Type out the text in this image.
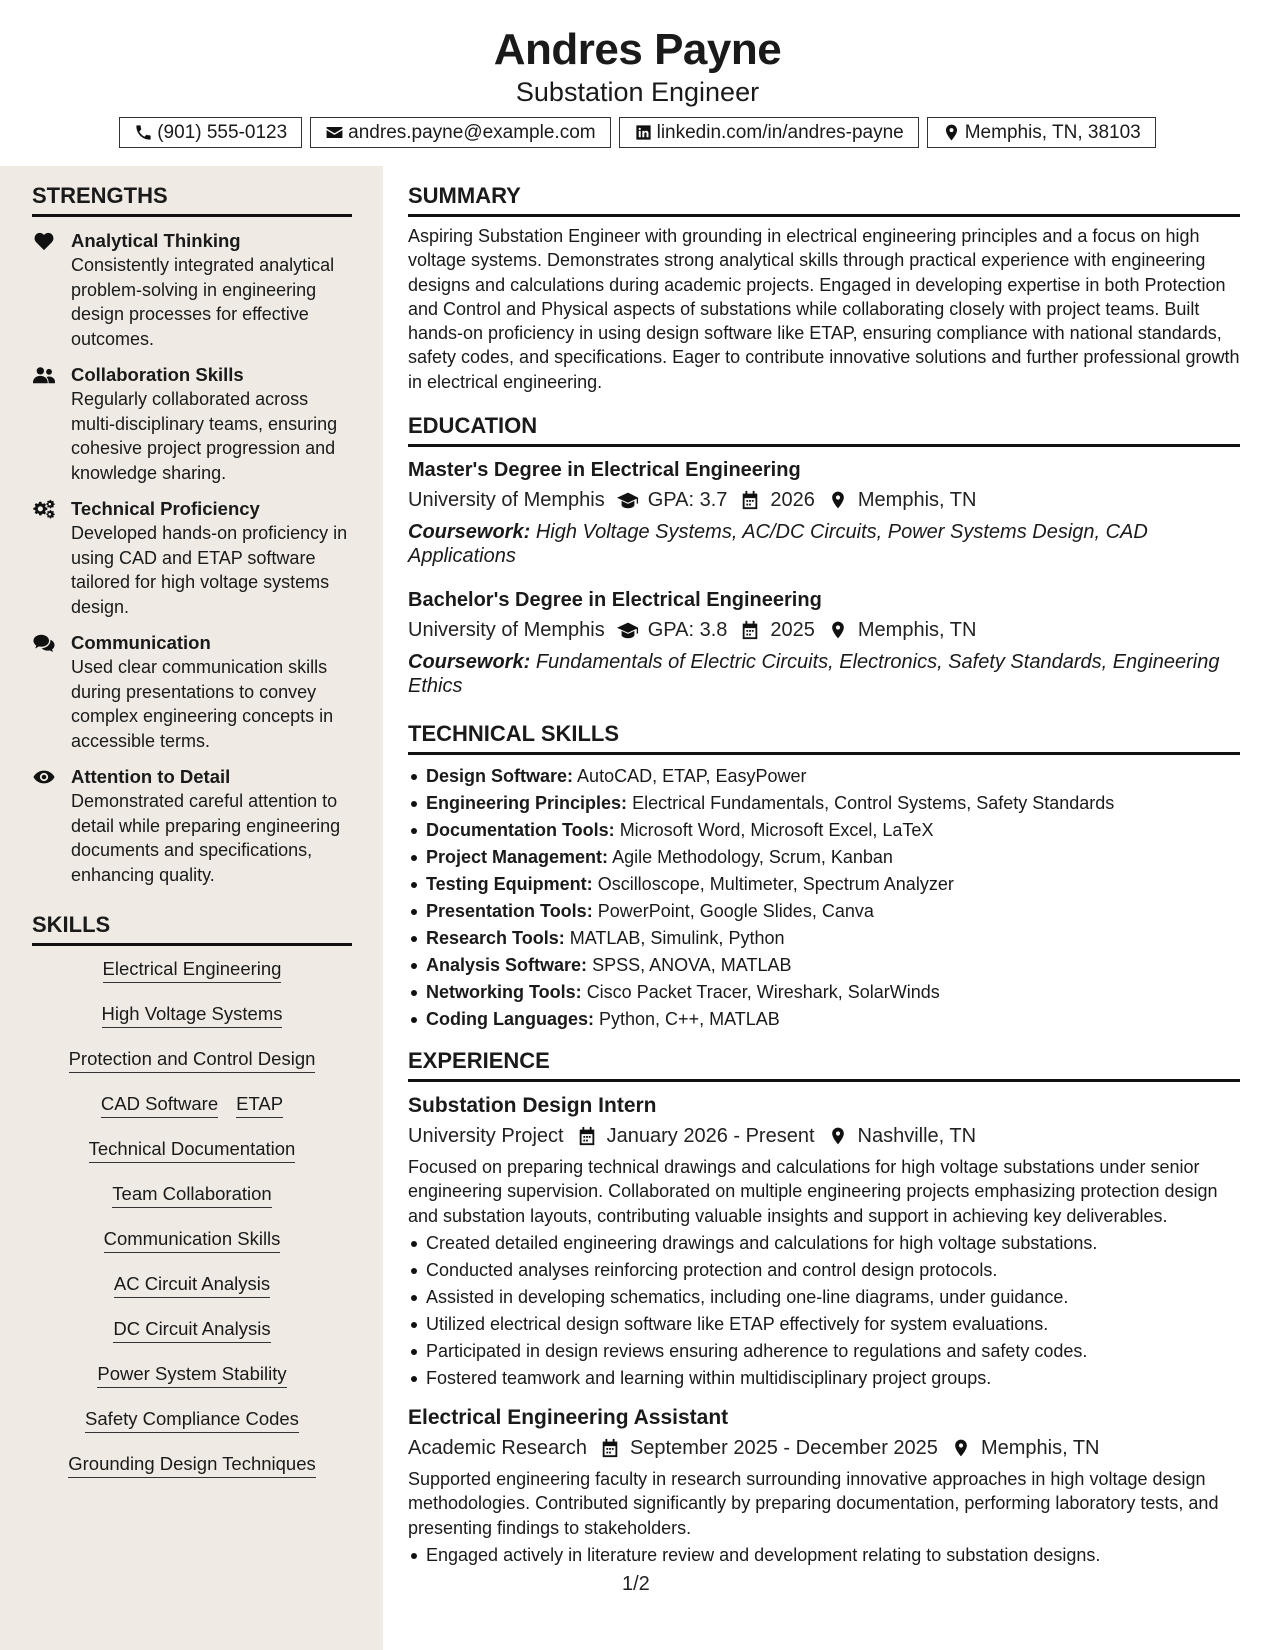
Andres Payne
Substation Engineer
(901) 555-0123	andres.payne@example.com	linkedin.com/in/andres-payne	Memphis, TN, 38103
STRENGTHS
Analytical Thinking
Consistently integrated analytical problem-solving in engineering design processes for effective outcomes.
Collaboration Skills
Regularly collaborated across multi-disciplinary teams, ensuring cohesive project progression and knowledge sharing.
Technical Proficiency
Developed hands-on proficiency in using CAD and ETAP software tailored for high voltage systems design.
Communication
Used clear communication skills during presentations to convey complex engineering concepts in accessible terms.
Attention to Detail
Demonstrated careful attention to detail while preparing engineering documents and specifications, enhancing quality.
SKILLS
Electrical Engineering
High Voltage Systems
Protection and Control Design
CAD Software ETAP
Technical Documentation
Team Collaboration
Communication Skills
AC Circuit Analysis
DC Circuit Analysis
Power System Stability
Safety Compliance Codes
Grounding Design Techniques
SUMMARY
Aspiring Substation Engineer with grounding in electrical engineering principles and a focus on high voltage systems. Demonstrates strong analytical skills through practical experience with engineering designs and calculations during academic projects. Engaged in developing expertise in both Protection and Control and Physical aspects of substations while collaborating closely with project teams. Built hands-on proficiency in using design software like ETAP, ensuring compliance with national standards, safety codes, and specifications. Eager to contribute innovative solutions and further professional growth in electrical engineering.
EDUCATION
Master's Degree in Electrical Engineering
University of Memphis GPA: 3.7 2026 Memphis, TN
Coursework: High Voltage Systems, AC/DC Circuits, Power Systems Design, CAD Applications
Bachelor's Degree in Electrical Engineering
University of Memphis GPA: 3.8 2025 Memphis, TN
Coursework: Fundamentals of Electric Circuits, Electronics, Safety Standards, Engineering Ethics
TECHNICAL SKILLS
Design Software: AutoCAD, ETAP, EasyPower
Engineering Principles: Electrical Fundamentals, Control Systems, Safety Standards
Documentation Tools: Microsoft Word, Microsoft Excel, LaTeX
Project Management: Agile Methodology, Scrum, Kanban
Testing Equipment: Oscilloscope, Multimeter, Spectrum Analyzer
Presentation Tools: PowerPoint, Google Slides, Canva
Research Tools: MATLAB, Simulink, Python
Analysis Software: SPSS, ANOVA, MATLAB
Networking Tools: Cisco Packet Tracer, Wireshark, SolarWinds
Coding Languages: Python, C++, MATLAB
EXPERIENCE
Substation Design Intern
University Project January 2026 - Present Nashville, TN
Focused on preparing technical drawings and calculations for high voltage substations under senior engineering supervision. Collaborated on multiple engineering projects emphasizing protection design and substation layouts, contributing valuable insights and support in achieving key deliverables.
Created detailed engineering drawings and calculations for high voltage substations.
Conducted analyses reinforcing protection and control design protocols.
Assisted in developing schematics, including one-line diagrams, under guidance.
Utilized electrical design software like ETAP effectively for system evaluations.
Participated in design reviews ensuring adherence to regulations and safety codes.
Fostered teamwork and learning within multidisciplinary project groups.
Electrical Engineering Assistant
Academic Research September 2025 - December 2025 Memphis, TN
Supported engineering faculty in research surrounding innovative approaches in high voltage design methodologies. Contributed significantly by preparing documentation, performing laboratory tests, and presenting findings to stakeholders.
Engaged actively in literature review and development relating to substation designs.
1/2
